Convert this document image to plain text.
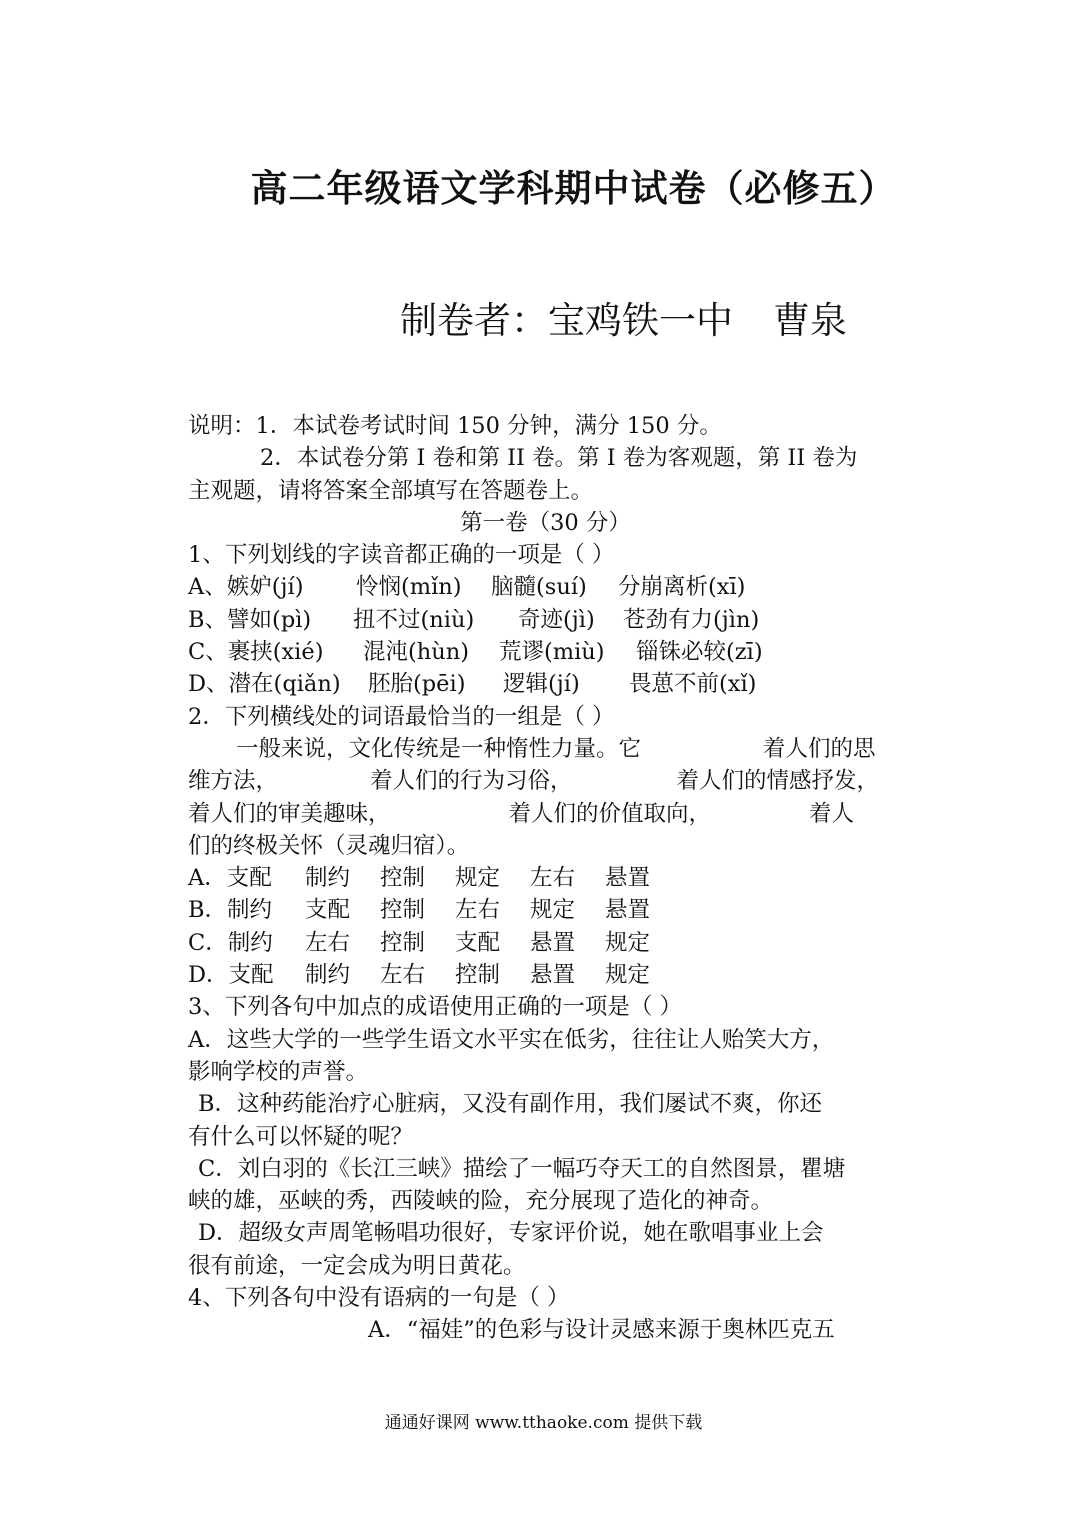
高二年级语文学科期中试卷（必修五）
制卷者：宝鸡铁一中 曹泉
说明：1．本试卷考试时间 150 分钟，满分 150 分。
2．本试卷分第 I 卷和第 II 卷。第 I 卷为客观题，第 II 卷为
主观题，请将答案全部填写在答题卷上。
第一卷（30 分）
1、下列划线的字读音都正确的一项是（ ）
A、嫉妒(jí) 怜悯(mǐn) 脑髓(suí) 分崩离析(xī)
B、譬如(pì) 扭不过(niù) 奇迹(jì) 苍劲有力(jìn)
C、裹挟(xié) 混沌(hùn) 荒谬(miù) 锱铢必较(zī)
D、潜在(qiǎn) 胚胎(pēi) 逻辑(jí) 畏葸不前(xǐ)
2．下列横线处的词语最恰当的一组是（ ）
一般来说，文化传统是一种惰性力量。它	着人们的思
维方法，	着人们的行为习俗，	着人们的情感抒发，
着人们的审美趣味，	着人们的价值取向，	着人
们的终极关怀（灵魂归宿）。
A．支配 制约 控制 规定 左右 悬置
B．制约 支配 控制 左右 规定 悬置
C．制约 左右 控制 支配 悬置 规定
D．支配 制约 左右 控制 悬置 规定
3、下列各句中加点的成语使用正确的一项是（ ）
A．这些大学的一些学生语文水平实在低劣，往往让人贻笑大方，
影响学校的声誉。
B．这种药能治疗心脏病，又没有副作用，我们屡试不爽，你还
有什么可以怀疑的呢？
C．刘白羽的《长江三峡》描绘了一幅巧夺天工的自然图景，瞿塘
峡的雄，巫峡的秀，西陵峡的险，充分展现了造化的神奇。
D．超级女声周笔畅唱功很好，专家评价说，她在歌唱事业上会
很有前途，一定会成为明日黄花。
4、下列各句中没有语病的一句是（ ）
A．“福娃”的色彩与设计灵感来源于奥林匹克五
通通好课网 www.tthaoke.com 提供下载
